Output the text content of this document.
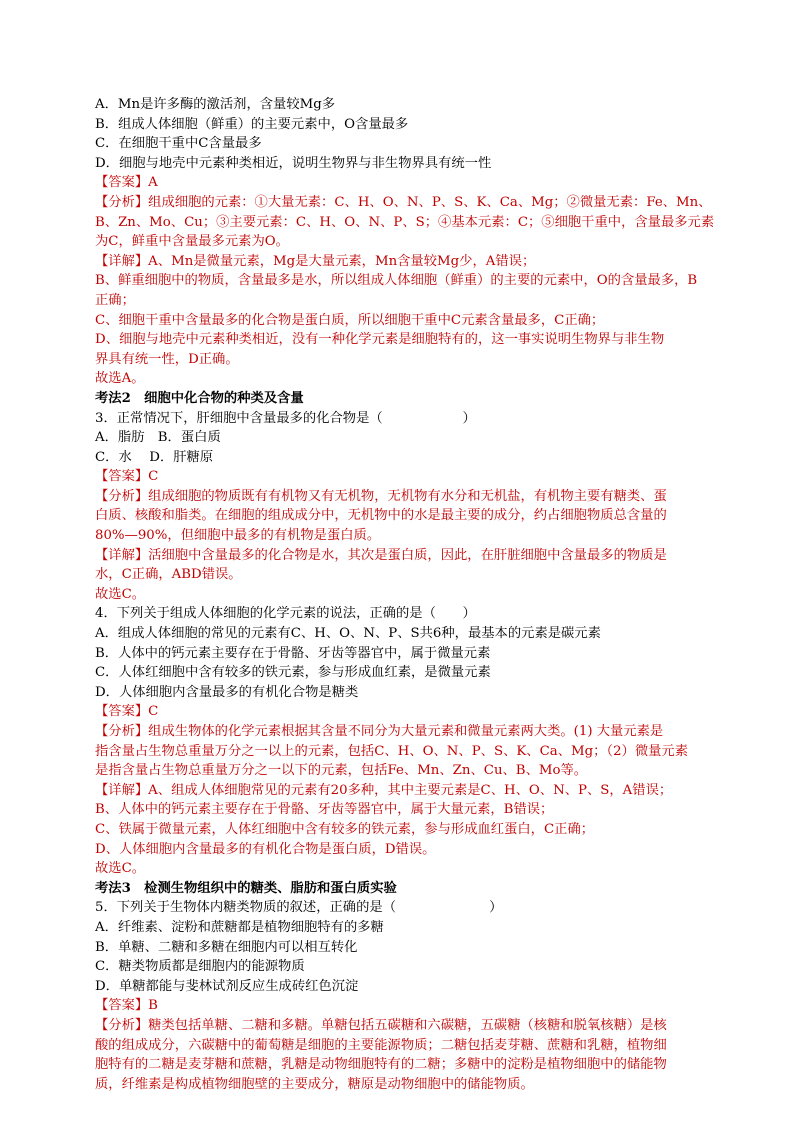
A．Mn是许多酶的激活剂，含量较Mg多
B．组成人体细胞（鲜重）的主要元素中，O含量最多
C．在细胞干重中C含量最多
D．细胞与地壳中元素种类相近，说明生物界与非生物界具有统一性
【答案】A
【分析】组成细胞的元素：①大量无素：C、H、O、N、P、S、K、Ca、Mg；②微量无素：Fe、Mn、
B、Zn、Mo、Cu；③主要元素：C、H、O、N、P、S；④基本元素：C；⑤细胞干重中，含量最多元素
为C，鲜重中含量最多元素为O。
【详解】A、Mn是微量元素，Mg是大量元素，Mn含量较Mg少，A错误；
B、鲜重细胞中的物质，含量最多是水，所以组成人体细胞（鲜重）的主要的元素中，O的含量最多，B
正确；
C、细胞干重中含量最多的化合物是蛋白质，所以细胞干重中C元素含量最多，C正确；
D、细胞与地壳中元素种类相近，没有一种化学元素是细胞特有的，这一事实说明生物界与非生物
界具有统一性，D正确。
故选A。
考法2　细胞中化合物的种类及含量
3．正常情况下，肝细胞中含量最多的化合物是（　　　　　　）
A．脂肪　B．蛋白质
C．水　 D．肝糖原
【答案】C
【分析】组成细胞的物质既有有机物又有无机物，无机物有水分和无机盐，有机物主要有糖类、蛋
白质、核酸和脂类。在细胞的组成成分中，无机物中的水是最主要的成分，约占细胞物质总含量的
80%—90%，但细胞中最多的有机物是蛋白质。
【详解】活细胞中含量最多的化合物是水，其次是蛋白质，因此，在肝脏细胞中含量最多的物质是
水，C正确，ABD错误。
故选C。
4．下列关于组成人体细胞的化学元素的说法，正确的是（　　）
A．组成人体细胞的常见的元素有C、H、O、N、P、S共6种，最基本的元素是碳元素
B．人体中的钙元素主要存在于骨骼、牙齿等器官中，属于微量元素
C．人体红细胞中含有较多的铁元素，参与形成血红素，是微量元素
D．人体细胞内含量最多的有机化合物是糖类
【答案】C
【分析】组成生物体的化学元素根据其含量不同分为大量元素和微量元素两大类。(1) 大量元素是
指含量占生物总重量万分之一以上的元素，包括C、H、O、N、P、S、K、Ca、Mg；（2）微量元素
是指含量占生物总重量万分之一以下的元素，包括Fe、Mn、Zn、Cu、B、Mo等。
【详解】A、组成人体细胞常见的元素有20多种，其中主要元素是C、H、O、N、P、S，A错误；
B、人体中的钙元素主要存在于骨骼、牙齿等器官中，属于大量元素，B错误；
C、铁属于微量元素，人体红细胞中含有较多的铁元素，参与形成血红蛋白，C正确；
D、人体细胞内含量最多的有机化合物是蛋白质，D错误。
故选C。
考法3　检测生物组织中的糖类、脂肪和蛋白质实验
5．下列关于生物体内糖类物质的叙述，正确的是（　　　　　　　）
A．纤维素、淀粉和蔗糖都是植物细胞特有的多糖
B．单糖、二糖和多糖在细胞内可以相互转化
C．糖类物质都是细胞内的能源物质
D．单糖都能与斐林试剂反应生成砖红色沉淀
【答案】B
【分析】糖类包括单糖、二糖和多糖。单糖包括五碳糖和六碳糖，五碳糖（核糖和脱氧核糖）是核
酸的组成成分，六碳糖中的葡萄糖是细胞的主要能源物质；二糖包括麦芽糖、蔗糖和乳糖，植物细
胞特有的二糖是麦芽糖和蔗糖，乳糖是动物细胞特有的二糖；多糖中的淀粉是植物细胞中的储能物
质，纤维素是构成植物细胞壁的主要成分，糖原是动物细胞中的储能物质。
